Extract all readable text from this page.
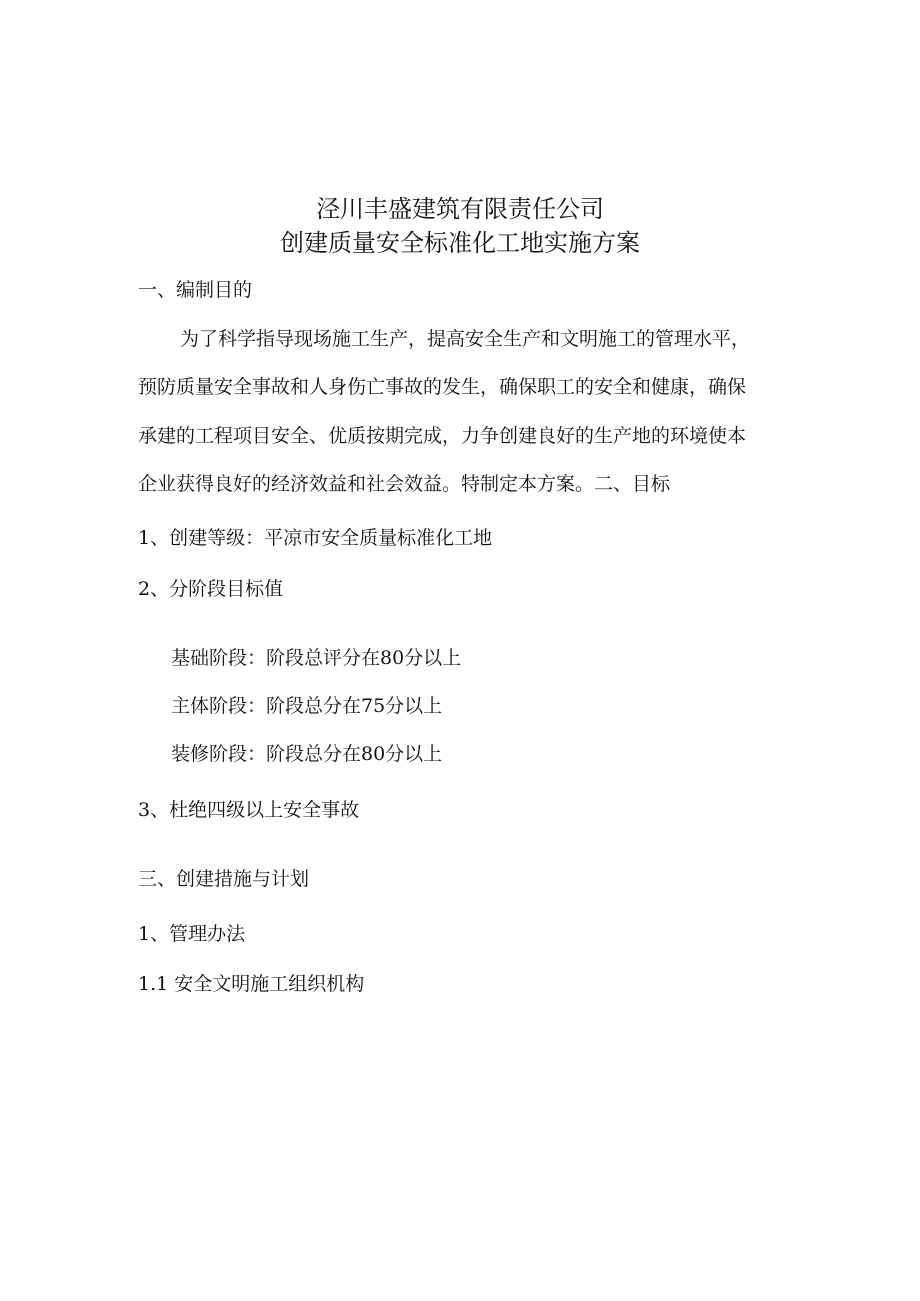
泾川丰盛建筑有限责任公司
创建质量安全标准化工地实施方案
一、编制目的
为了科学指导现场施工生产，提高安全生产和文明施工的管理水平，
预防质量安全事故和人身伤亡事故的发生，确保职工的安全和健康，确保
承建的工程项目安全、优质按期完成，力争创建良好的生产地的环境使本
企业获得良好的经济效益和社会效益。特制定本方案。二、目标
1、创建等级：平凉市安全质量标准化工地
2、分阶段目标值
基础阶段：阶段总评分在80分以上
主体阶段：阶段总分在75分以上
装修阶段：阶段总分在80分以上
3、杜绝四级以上安全事故
三、创建措施与计划
1、管理办法
1.1 安全文明施工组织机构
